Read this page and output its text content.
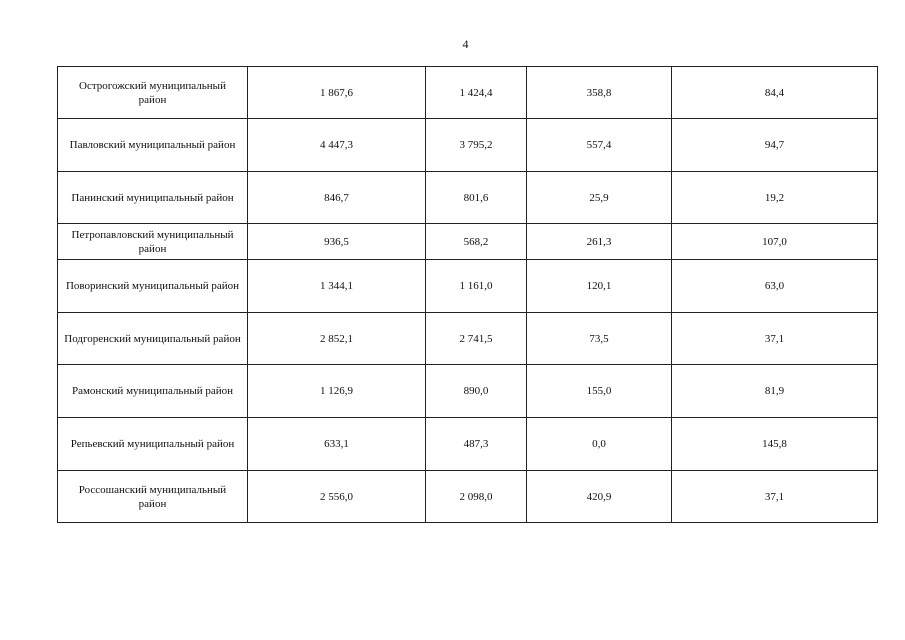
4
Острогожский муниципальный район	1 867,6	1 424,4	358,8	84,4
Павловский муниципальный район	4 447,3	3 795,2	557,4	94,7
Панинский муниципальный район	846,7	801,6	25,9	19,2
Петропавловский муниципальный район	936,5	568,2	261,3	107,0
Поворинский муниципальный район	1 344,1	1 161,0	120,1	63,0
Подгоренский муниципальный район	2 852,1	2 741,5	73,5	37,1
Рамонский муниципальный район	1 126,9	890,0	155,0	81,9
Репьевский муниципальный район	633,1	487,3	0,0	145,8
Россошанский муниципальный район	2 556,0	2 098,0	420,9	37,1
